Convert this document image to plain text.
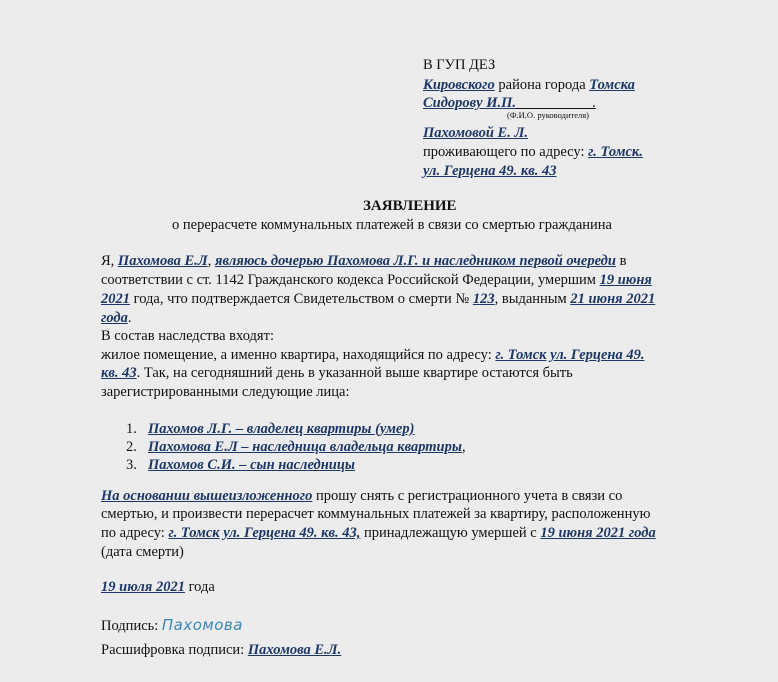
В ГУП ДЕЗ
Кировского района города Томска
Сидорову И.П.                     .
(Ф.И.О. руководителя)
Пахомовой Е. Л.
проживающего по адресу: г. Томск.
ул. Герцена 49. кв. 43
ЗАЯВЛЕНИЕ
о перерасчете коммунальных платежей в связи со смертью гражданина
Я, Пахомова Е.Л, являюсь дочерью Пахомова Л.Г. и наследником первой очереди в
соответствии с ст. 1142 Гражданского кодекса Российской Федерации, умершим 19 июня
2021 года, что подтверждается Свидетельством о смерти № 123, выданным 21 июня 2021
года.
В состав наследства входят:
жилое помещение, а именно квартира, находящийся по адресу: г. Томск ул. Герцена 49.
кв. 43. Так, на сегодняшний день в указанной выше квартире остаются быть
зарегистрированными следующие лица:
1. Пахомов Л.Г. – владелец квартиры (умер)
2. Пахомова Е.Л – наследница владельца квартиры,
3. Пахомов С.И. – сын наследницы
На основании вышеизложенного прошу снять с регистрационного учета в связи со
смертью, и произвести перерасчет коммунальных платежей за квартиру, расположенную
по адресу: г. Томск ул. Герцена 49. кв. 43, принадлежащую умершей с 19 июня 2021 года
(дата смерти)
19 июля 2021 года
Подпись: Пахомова
Расшифровка подписи: Пахомова Е.Л.
